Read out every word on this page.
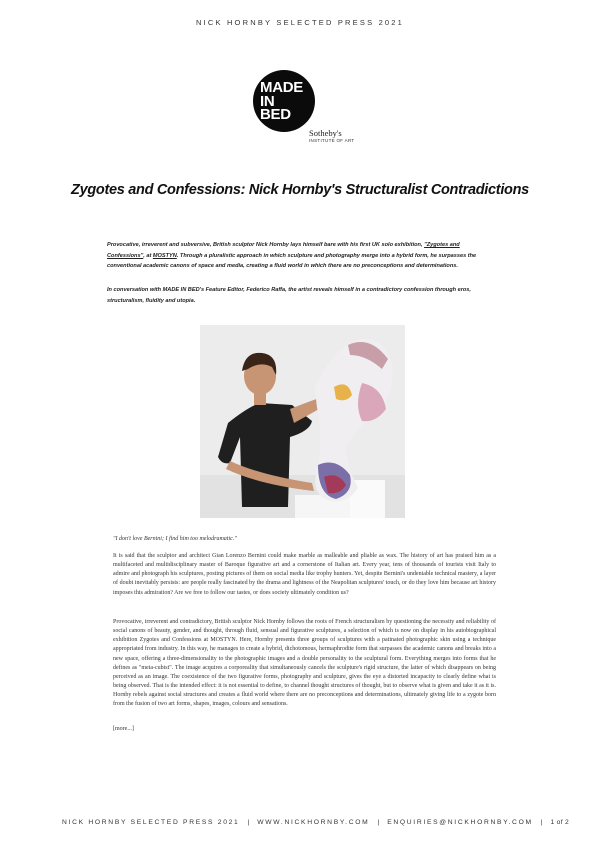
NICK HORNBY SELECTED PRESS 2021
MADE
IN
BED
Sotheby's
INSTITUTE OF ART
Zygotes and Confessions: Nick Hornby's Structuralist Contradictions
Provocative, irreverent and subversive, British sculptor Nick Hornby lays himself bare with his first UK solo exhibition, "Zygotes and Confessions", at MOSTYN. Through a pluralistic approach in which sculpture and photography merge into a hybrid form, he surpasses the conventional academic canons of space and media, creating a fluid world in which there are no preconceptions and determinations.
In conversation with MADE IN BED's Feature Editor, Federico Raffa, the artist reveals himself in a contradictory confession through eros, structuralism, fluidity and utopia.
"I don't love Bernini; I find him too melodramatic."

It is said that the sculptor and architect Gian Lorenzo Bernini could make marble as malleable and pliable as wax. The history of art has praised him as a multifaceted and multidisciplinary master of Baroque figurative art and a cornerstone of Italian art. Every year, tens of thousands of tourists visit Italy to admire and photograph his sculptures, posting pictures of them on social media like trophy hunters. Yet, despite Bernini's undeniable technical mastery, a layer of doubt inevitably persists: are people really fascinated by the drama and lightness of the Neapolitan sculptures' touch, or do they love him because art history imposes this admiration? Are we free to follow our tastes, or does society ultimately condition us?

Provocative, irreverent and contradictory, British sculptor Nick Hornby follows the roots of French structuralism by questioning the necessity and reliability of social canons of beauty, gender, and thought, through fluid, sensual and figurative sculptures, a selection of which is now on display in his autobiographical exhibition Zygotes and Confessions at MOSTYN. Here, Hornby presents three groups of sculptures with a patinated photographic skin using a technique appropriated from industry. In this way, he manages to create a hybrid, dichotomous, hermaphrodite form that surpasses the academic canons and breaks into a new space, offering a three-dimensionality to the photographic images and a double personality to the sculptural form. Everything merges into forms that he defines as "meta-cubist". The image acquires a corporeality that simultaneously cancels the sculpture's rigid structure, the latter of which disappears on being perceived as an image. The coexistence of the two figurative forms, photography and sculpture, gives the eye a distorted incapacity to clearly define what is being observed. That is the intended effect: it is not essential to define, to channel thought structures of thought, but to observe what is given and take it as it is. Hornby rebels against social structures and creates a fluid world where there are no preconceptions and determinations, ultimately giving life to a zygote born from the fusion of two art forms, shapes, images, colours and sensations.

[more...]
NICK HORNBY SELECTED PRESS 2021 | WWW.NICKHORNBY.COM | ENQUIRIES@NICKHORNBY.COM | 1 of 2
